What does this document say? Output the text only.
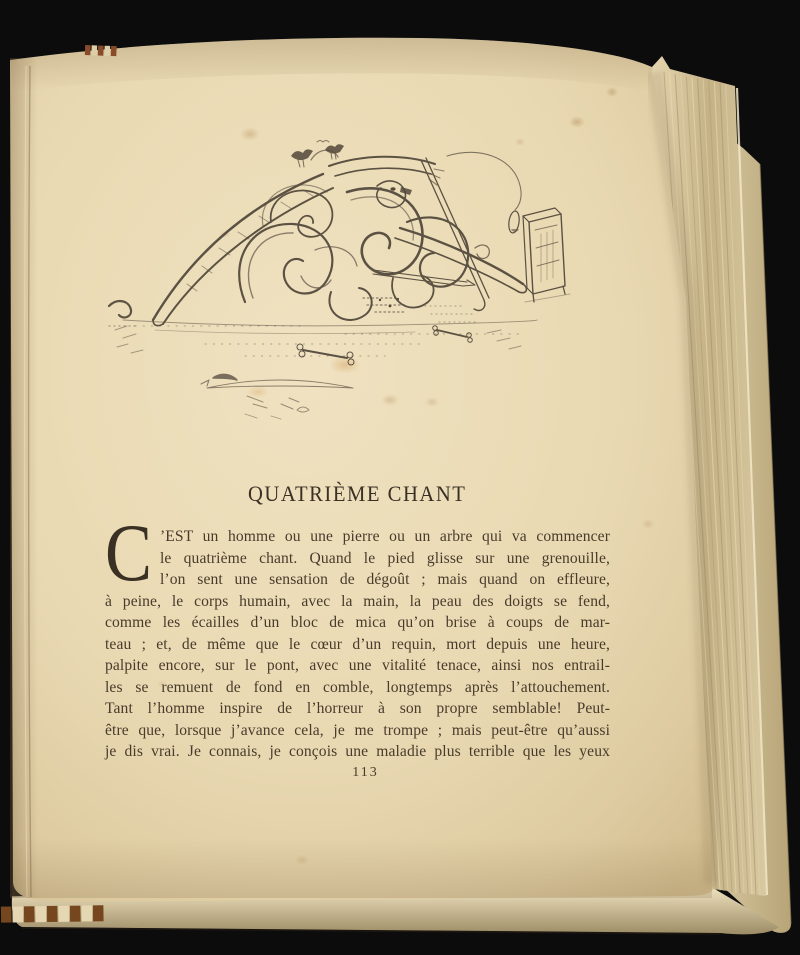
QUATRIÈME CHANT
C ’EST un homme ou une pierre ou un arbre qui va commencer
le quatrième chant. Quand le pied glisse sur une grenouille,
l’on sent une sensation de dégoût ; mais quand on effleure,
à peine, le corps humain, avec la main, la peau des doigts se fend,
comme les écailles d’un bloc de mica qu’on brise à coups de mar-
teau ; et, de même que le cœur d’un requin, mort depuis une heure,
palpite encore, sur le pont, avec une vitalité tenace, ainsi nos entrail-
les se remuent de fond en comble, longtemps après l’attouchement.
Tant l’homme inspire de l’horreur à son propre semblable! Peut-
être que, lorsque j’avance cela, je me trompe ; mais peut-être qu’aussi
je dis vrai. Je connais, je conçois une maladie plus terrible que les yeux
113
